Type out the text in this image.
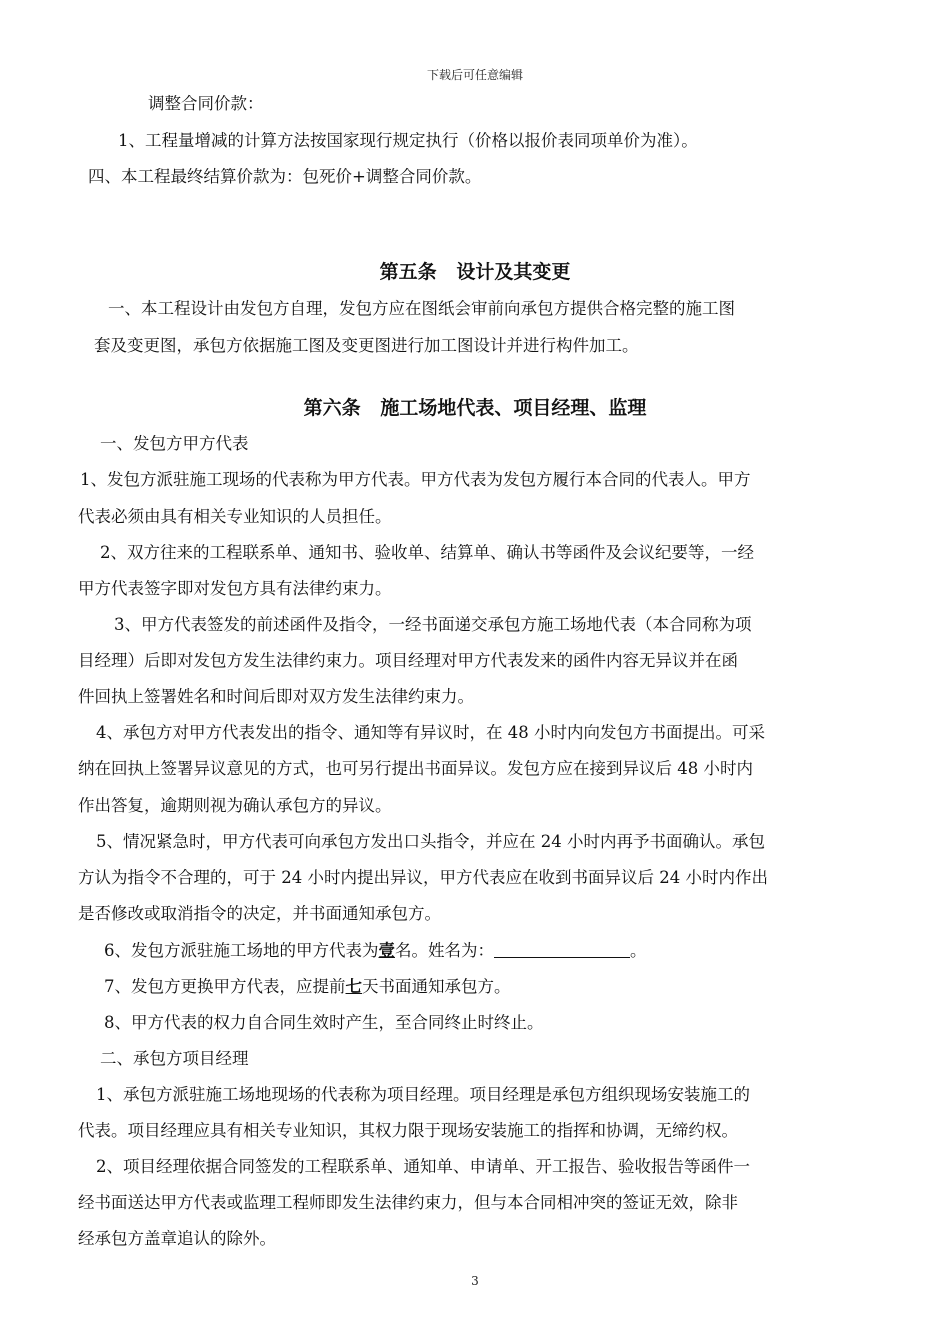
下载后可任意编辑
调整合同价款：
1、工程量增减的计算方法按国家现行规定执行（价格以报价表同项单价为准）。
四、本工程最终结算价款为：包死价+调整合同价款。
第五条   设计及其变更
一、本工程设计由发包方自理，发包方应在图纸会审前向承包方提供合格完整的施工图
套及变更图，承包方依据施工图及变更图进行加工图设计并进行构件加工。
第六条   施工场地代表、项目经理、监理
一、发包方甲方代表
1、发包方派驻施工现场的代表称为甲方代表。甲方代表为发包方履行本合同的代表人。甲方
代表必须由具有相关专业知识的人员担任。
2、双方往来的工程联系单、通知书、验收单、结算单、确认书等函件及会议纪要等，一经
甲方代表签字即对发包方具有法律约束力。
3、甲方代表签发的前述函件及指令，一经书面递交承包方施工场地代表（本合同称为项
目经理）后即对发包方发生法律约束力。项目经理对甲方代表发来的函件内容无异议并在函
件回执上签署姓名和时间后即对双方发生法律约束力。
4、承包方对甲方代表发出的指令、通知等有异议时，在 48 小时内向发包方书面提出。可采
纳在回执上签署异议意见的方式，也可另行提出书面异议。发包方应在接到异议后 48 小时内
作出答复，逾期则视为确认承包方的异议。
5、情况紧急时，甲方代表可向承包方发出口头指令，并应在 24 小时内再予书面确认。承包
方认为指令不合理的，可于 24 小时内提出异议，甲方代表应在收到书面异议后 24 小时内作出
是否修改或取消指令的决定，并书面通知承包方。
6、发包方派驻施工场地的甲方代表为壹名。姓名为：	。
7、发包方更换甲方代表，应提前七天书面通知承包方。
8、甲方代表的权力自合同生效时产生，至合同终止时终止。
二、承包方项目经理
1、承包方派驻施工场地现场的代表称为项目经理。项目经理是承包方组织现场安装施工的
代表。项目经理应具有相关专业知识，其权力限于现场安装施工的指挥和协调，无缔约权。
2、项目经理依据合同签发的工程联系单、通知单、申请单、开工报告、验收报告等函件一
经书面送达甲方代表或监理工程师即发生法律约束力，但与本合同相冲突的签证无效，除非
经承包方盖章追认的除外。
3
